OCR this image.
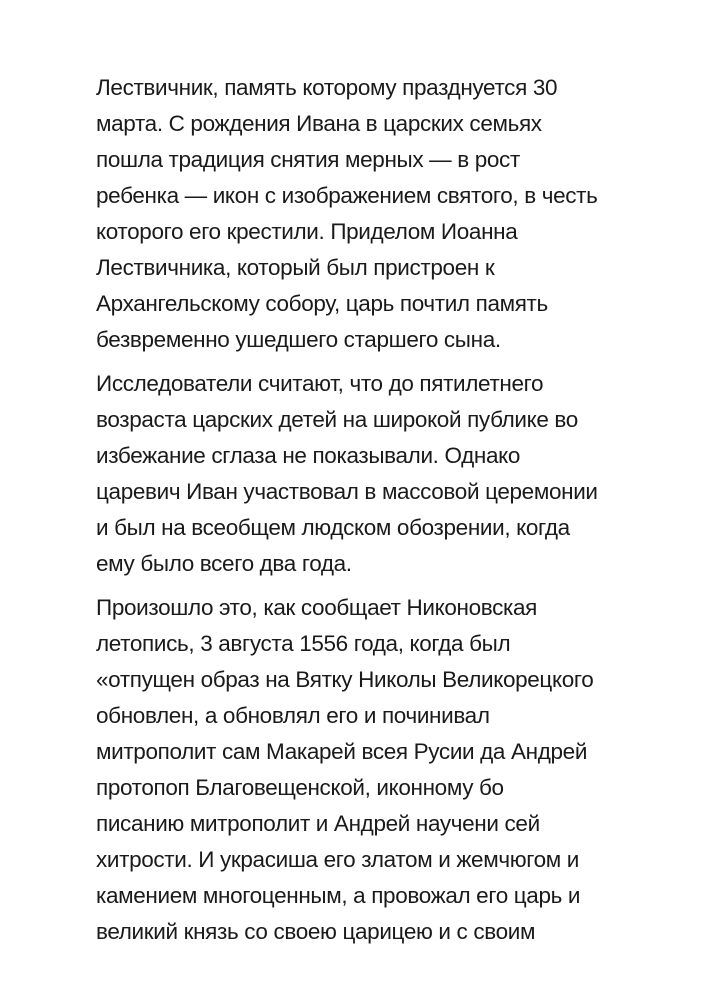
Лествичник, память которому празднуется 30
марта. С рождения Ивана в царских семьях
пошла традиция снятия мерных — в рост
ребенка — икон с изображением святого, в честь
которого его крестили. Приделом Иоанна
Лествичника, который был пристроен к
Архангельскому собору, царь почтил память
безвременно ушедшего старшего сына.

Исследователи считают, что до пятилетнего
возраста царских детей на широкой публике во
избежание сглаза не показывали. Однако
царевич Иван участвовал в массовой церемонии
и был на всеобщем людском обозрении, когда
ему было всего два года.

Произошло это, как сообщает Никоновская
летопись, 3 августа 1556 года, когда был
«отпущен образ на Вятку Николы Великорецкого
обновлен, а обновлял его и починивал
митрополит сам Макарей всея Русии да Андрей
протопоп Благовещенской, иконному бо
писанию митрополит и Андрей научени сей
хитрости. И украсиша его златом и жемчюгом и
камением многоценным, а провожал его царь и
великий князь со своею царицею и с своим
